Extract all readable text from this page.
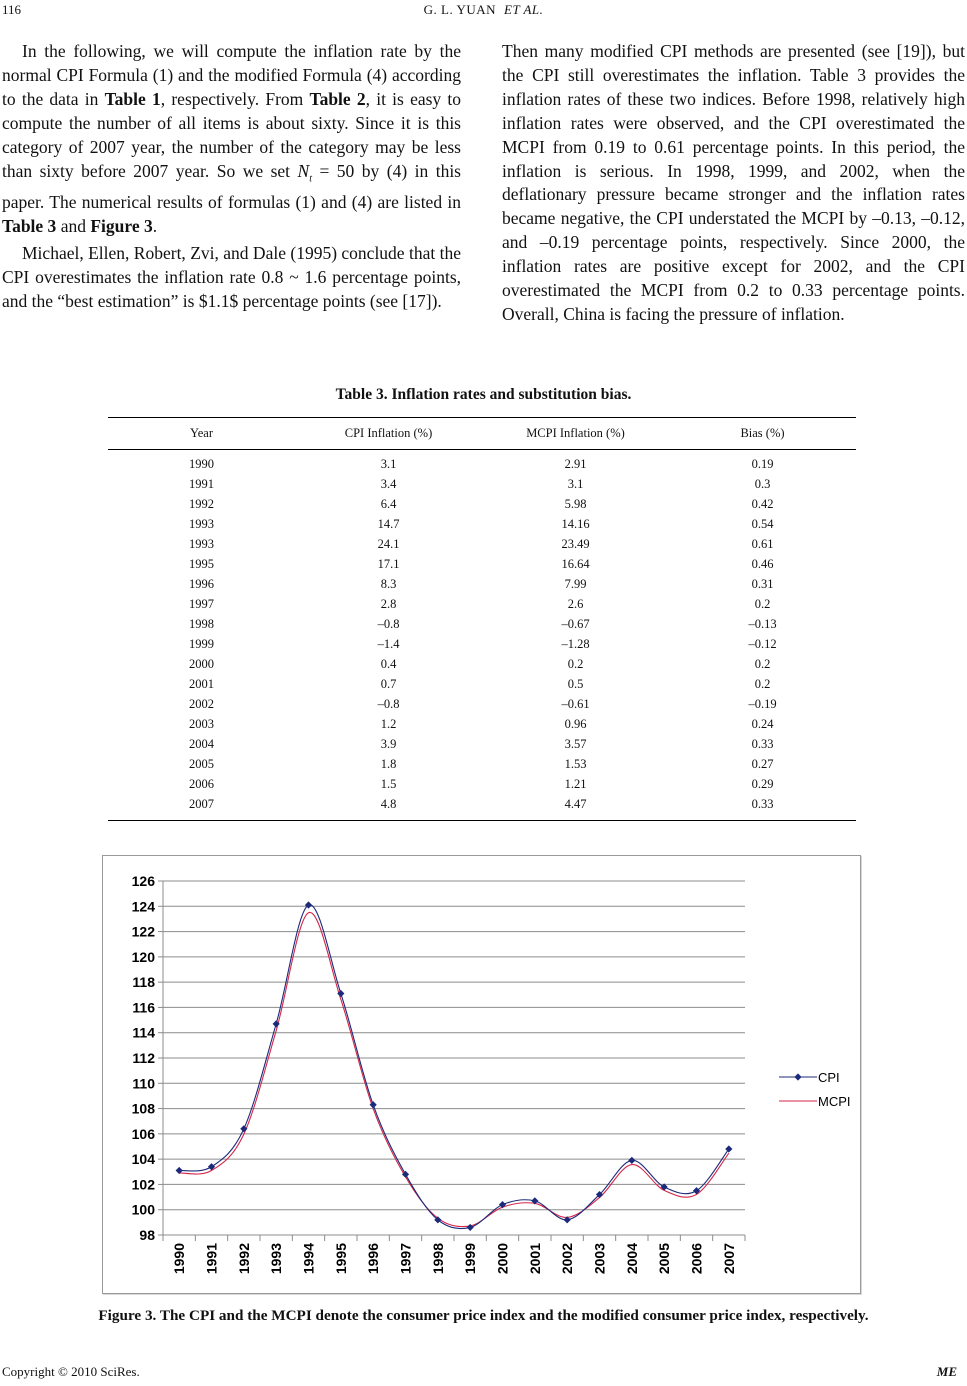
116	G. L. YUAN ET AL.

In the following, we will compute the inflation rate by the normal CPI Formula (1) and the modified Formula (4) according to the data in Table 1, respectively. From Table 2, it is easy to compute the number of all items is about sixty. Since it is this category of 2007 year, the number of the category may be less than sixty before 2007 year. So we set $N_t = 50$ by (4) in this paper. The numerical results of formulas (1) and (4) are listed in Table 3 and Figure 3.

Michael, Ellen, Robert, Zvi, and Dale (1995) conclude that the CPI overestimates the inflation rate 0.8 ~ 1.6 percentage points, and the “best estimation” is $1.1$ percentage points (see [17]).

Table 3. Inflation rates and substitution bias.
Year	CPI Inflation (%)	MCPI Inflation (%)	Bias (%)
1990	3.1	2.91	0.19
1991	3.4	3.1	0.3
1992	6.4	5.98	0.42
1993	14.7	14.16	0.54
1993	24.1	23.49	0.61
1995	17.1	16.64	0.46
1996	8.3	7.99	0.31
1997	2.8	2.6	0.2
1998	–0.8	–0.67	–0.13
1999	–1.4	–1.28	–0.12
2000	0.4	0.2	0.2
2001	0.7	0.5	0.2
2002	–0.8	–0.61	–0.19
2003	1.2	0.96	0.24
2004	3.9	3.57	0.33
2005	1.8	1.53	0.27
2006	1.5	1.21	0.29
2007	4.8	4.47	0.33
98
100
102
104
106
108
110
112
114
116
118
120
122
124
126
1990 1991 1992 1993 1994 1995 1996 1997 1998 1999 2000 2001 2002 2003 2004 2005 2006 2007
CPI
MCPI
Figure 3. The CPI and the MCPI denote the consumer price index and the modified consumer price index, respectively.
Copyright © 2010 SciRes.	ME

Then many modified CPI methods are presented (see [19]), but the CPI still overestimates the inflation. Table 3 provides the inflation rates of these two indices. Before 1998, relatively high inflation rates were observed, and the CPI overestimated the MCPI from 0.19 to 0.61 percentage points. In this period, the inflation is serious. In 1998, 1999, and 2002, when the deflationary pressure became stronger and the inflation rates became negative, the CPI understated the MCPI by –0.13, –0.12, and –0.19 percentage points, respectively. Since 2000, the inflation rates are positive except for 2002, and the CPI overestimated the MCPI from 0.2 to 0.33 percentage points. Overall, China is facing the pressure of inflation.
